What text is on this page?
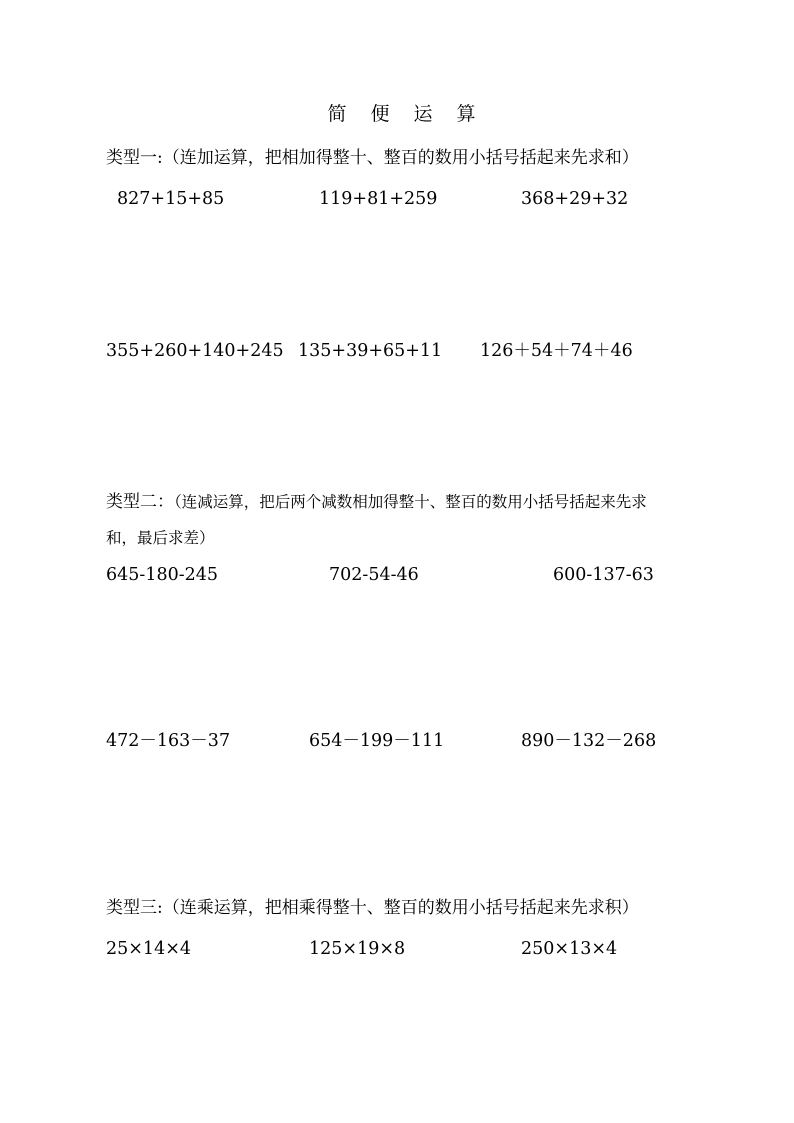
简 便 运 算
类型一:（连加运算，把相加得整十、整百的数用小括号括起来先求和）
827+15+85	119+81+259	368+29+32
355+260+140+245 135+39+65+11 126＋54＋74＋46
类型二：（连减运算，把后两个减数相加得整十、整百的数用小括号括起来先求
和，最后求差）
645-180-245	702-54-46	600-137-63
472－163－37	654－199－111	890－132－268
类型三:（连乘运算，把相乘得整十、整百的数用小括号括起来先求积）
25×14×4	125×19×8	250×13×4
